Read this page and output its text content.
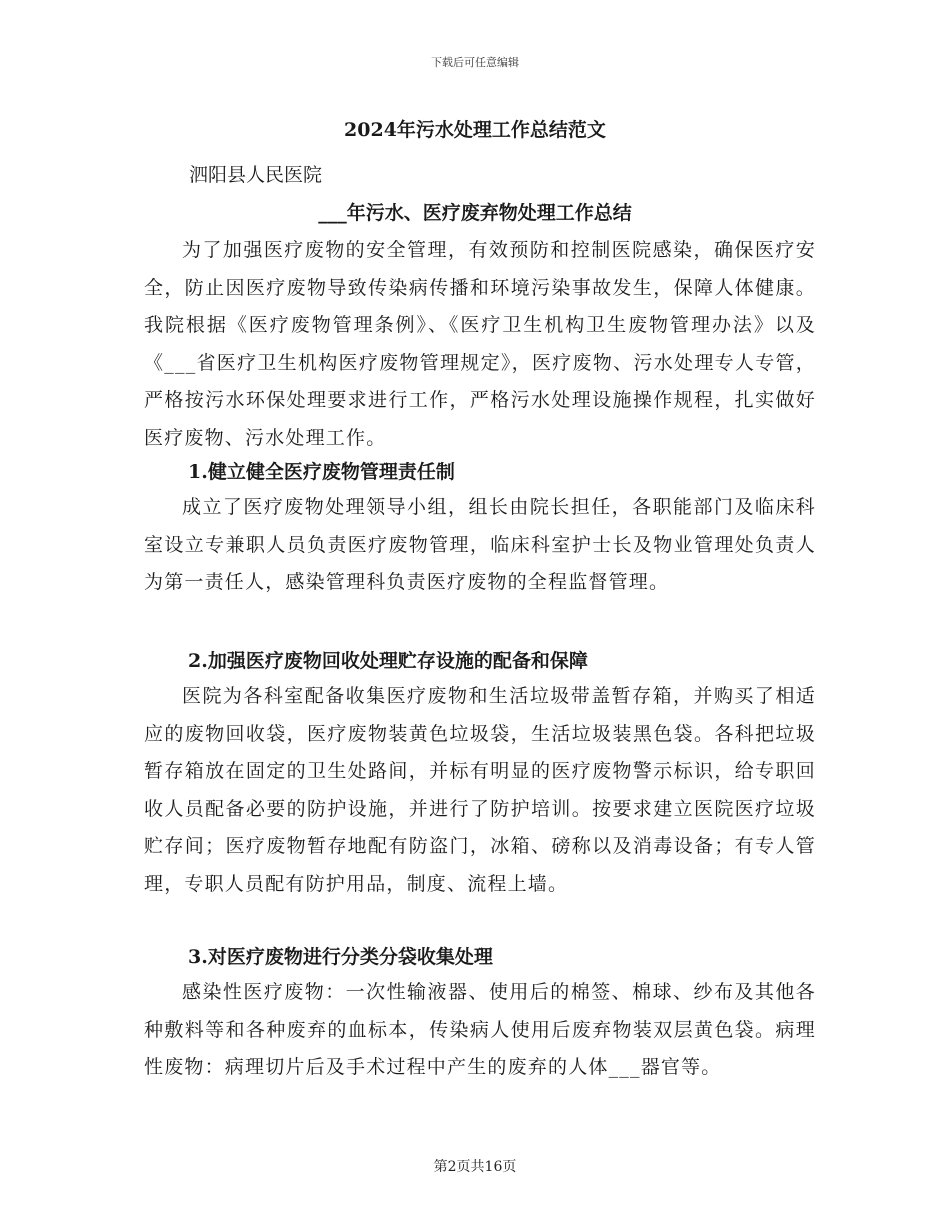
下载后可任意编辑
2024年污水处理工作总结范文
泗阳县人民医院
___年污水、医疗废弃物处理工作总结
为了加强医疗废物的安全管理，有效预防和控制医院感染，确保医疗安全，防止因医疗废物导致传染病传播和环境污染事故发生，保障人体健康。我院根据《医疗废物管理条例》、《医疗卫生机构卫生废物管理办法》以及《___省医疗卫生机构医疗废物管理规定》，医疗废物、污水处理专人专管，严格按污水环保处理要求进行工作，严格污水处理设施操作规程，扎实做好医疗废物、污水处理工作。
1.健立健全医疗废物管理责任制
成立了医疗废物处理领导小组，组长由院长担任，各职能部门及临床科室设立专兼职人员负责医疗废物管理，临床科室护士长及物业管理处负责人为第一责任人，感染管理科负责医疗废物的全程监督管理。
2.加强医疗废物回收处理贮存设施的配备和保障
医院为各科室配备收集医疗废物和生活垃圾带盖暂存箱，并购买了相适应的废物回收袋，医疗废物装黄色垃圾袋，生活垃圾装黑色袋。各科把垃圾暂存箱放在固定的卫生处路间，并标有明显的医疗废物警示标识，给专职回收人员配备必要的防护设施，并进行了防护培训。按要求建立医院医疗垃圾贮存间；医疗废物暂存地配有防盗门，冰箱、磅称以及消毒设备；有专人管理，专职人员配有防护用品，制度、流程上墙。
3.对医疗废物进行分类分袋收集处理
感染性医疗废物：一次性输液器、使用后的棉签、棉球、纱布及其他各种敷料等和各种废弃的血标本，传染病人使用后废弃物装双层黄色袋。病理性废物：病理切片后及手术过程中产生的废弃的人体___器官等。
第2页共16页
